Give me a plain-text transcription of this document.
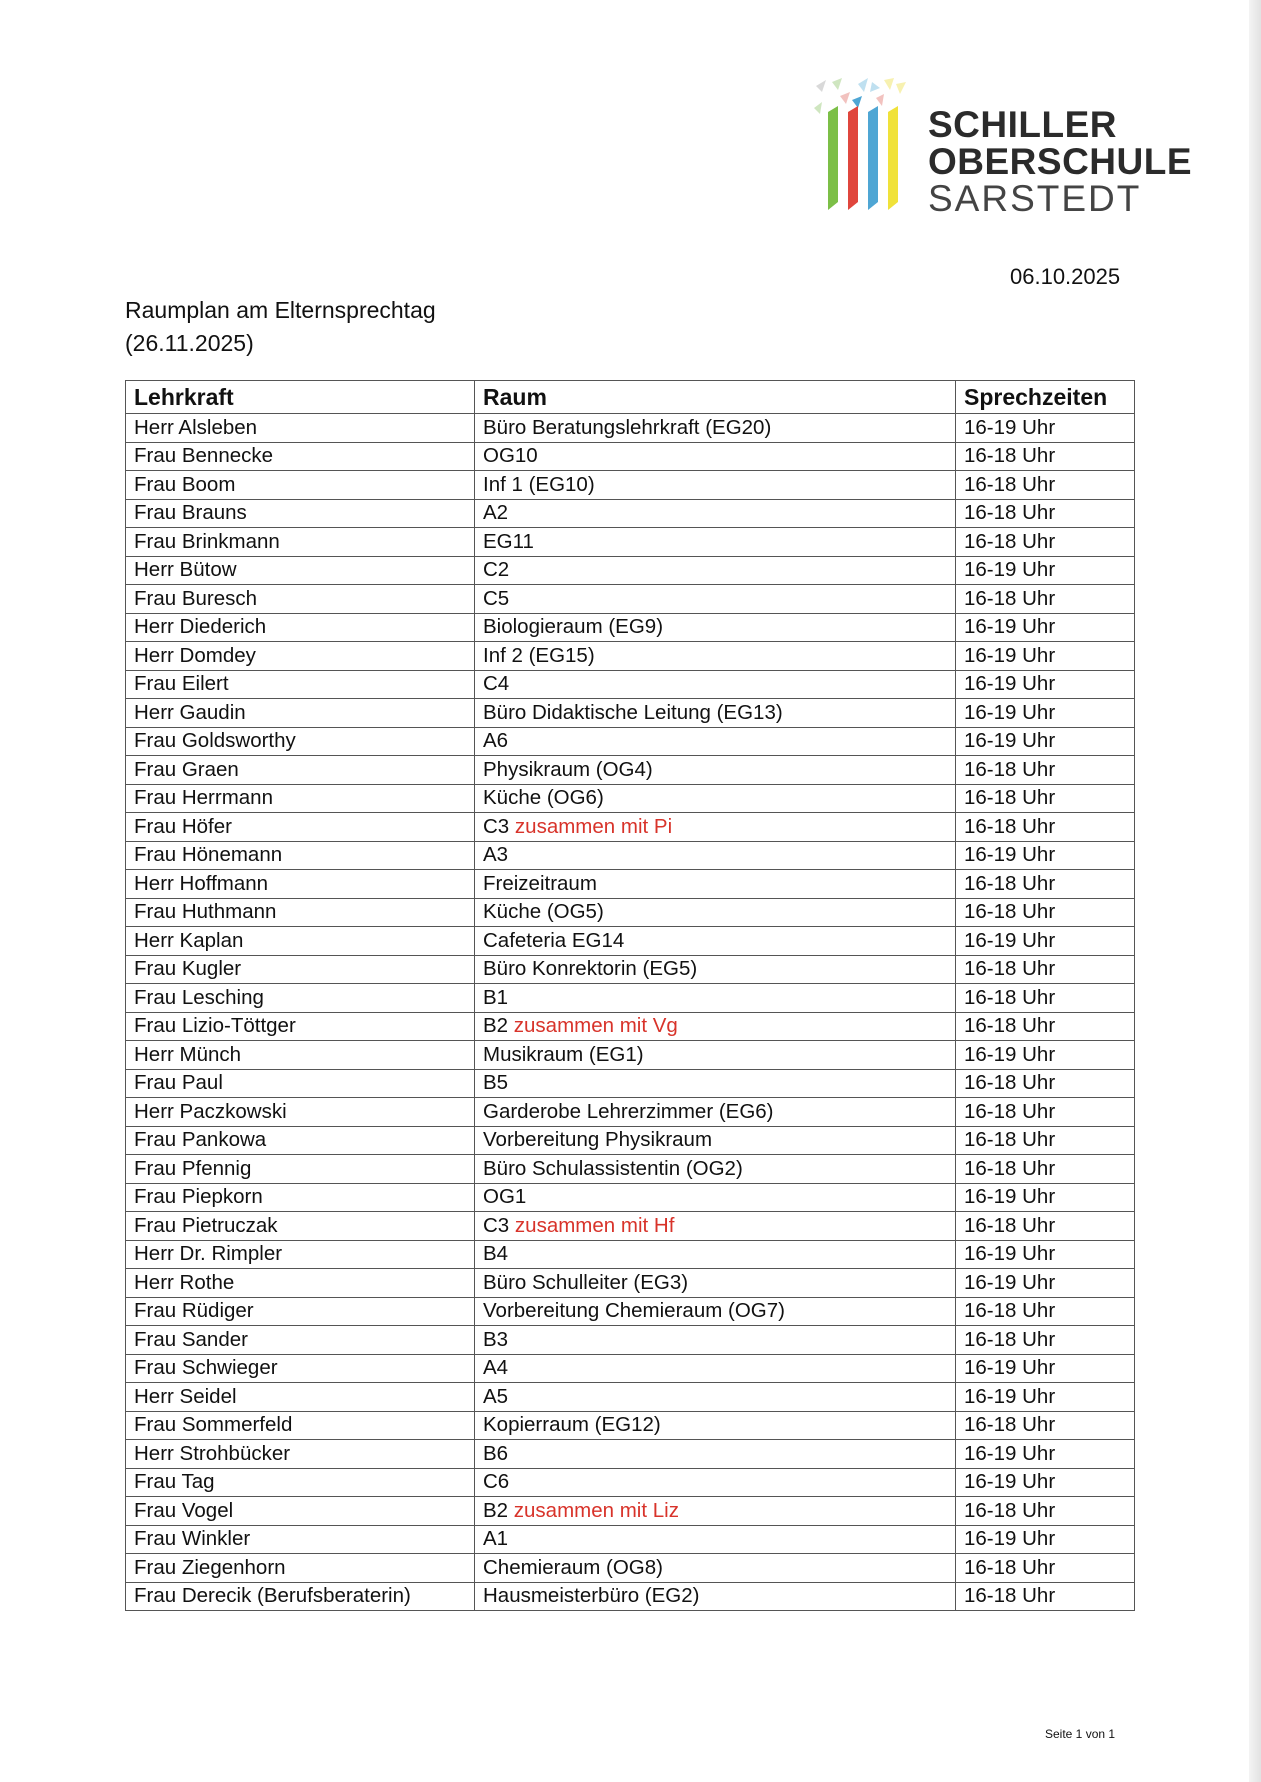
SCHILLER
OBERSCHULE
SARSTEDT
06.10.2025
Raumplan am Elternsprechtag
(26.11.2025)
Lehrkraft	Raum	Sprechzeiten
Herr Alsleben	Büro Beratungslehrkraft (EG20)	16-19 Uhr
Frau Bennecke	OG10	16-18 Uhr
Frau Boom	Inf 1 (EG10)	16-18 Uhr
Frau Brauns	A2	16-18 Uhr
Frau Brinkmann	EG11	16-18 Uhr
Herr Bütow	C2	16-19 Uhr
Frau Buresch	C5	16-18 Uhr
Herr Diederich	Biologieraum (EG9)	16-19 Uhr
Herr Domdey	Inf 2 (EG15)	16-19 Uhr
Frau Eilert	C4	16-19 Uhr
Herr Gaudin	Büro Didaktische Leitung (EG13)	16-19 Uhr
Frau Goldsworthy	A6	16-19 Uhr
Frau Graen	Physikraum (OG4)	16-18 Uhr
Frau Herrmann	Küche (OG6)	16-18 Uhr
Frau Höfer	C3 zusammen mit Pi	16-18 Uhr
Frau Hönemann	A3	16-19 Uhr
Herr Hoffmann	Freizeitraum	16-18 Uhr
Frau Huthmann	Küche (OG5)	16-18 Uhr
Herr Kaplan	Cafeteria EG14	16-19 Uhr
Frau Kugler	Büro Konrektorin (EG5)	16-18 Uhr
Frau Lesching	B1	16-18 Uhr
Frau Lizio-Töttger	B2 zusammen mit Vg	16-18 Uhr
Herr Münch	Musikraum (EG1)	16-19 Uhr
Frau Paul	B5	16-18 Uhr
Herr Paczkowski	Garderobe Lehrerzimmer (EG6)	16-18 Uhr
Frau Pankowa	Vorbereitung Physikraum	16-18 Uhr
Frau Pfennig	Büro Schulassistentin (OG2)	16-18 Uhr
Frau Piepkorn	OG1	16-19 Uhr
Frau Pietruczak	C3 zusammen mit Hf	16-18 Uhr
Herr Dr. Rimpler	B4	16-19 Uhr
Herr Rothe	Büro Schulleiter (EG3)	16-19 Uhr
Frau Rüdiger	Vorbereitung Chemieraum (OG7)	16-18 Uhr
Frau Sander	B3	16-18 Uhr
Frau Schwieger	A4	16-19 Uhr
Herr Seidel	A5	16-19 Uhr
Frau Sommerfeld	Kopierraum (EG12)	16-18 Uhr
Herr Strohbücker	B6	16-19 Uhr
Frau Tag	C6	16-19 Uhr
Frau Vogel	B2 zusammen mit Liz	16-18 Uhr
Frau Winkler	A1	16-19 Uhr
Frau Ziegenhorn	Chemieraum (OG8)	16-18 Uhr
Frau Derecik (Berufsberaterin)	Hausmeisterbüro (EG2)	16-18 Uhr
Seite 1 von 1
